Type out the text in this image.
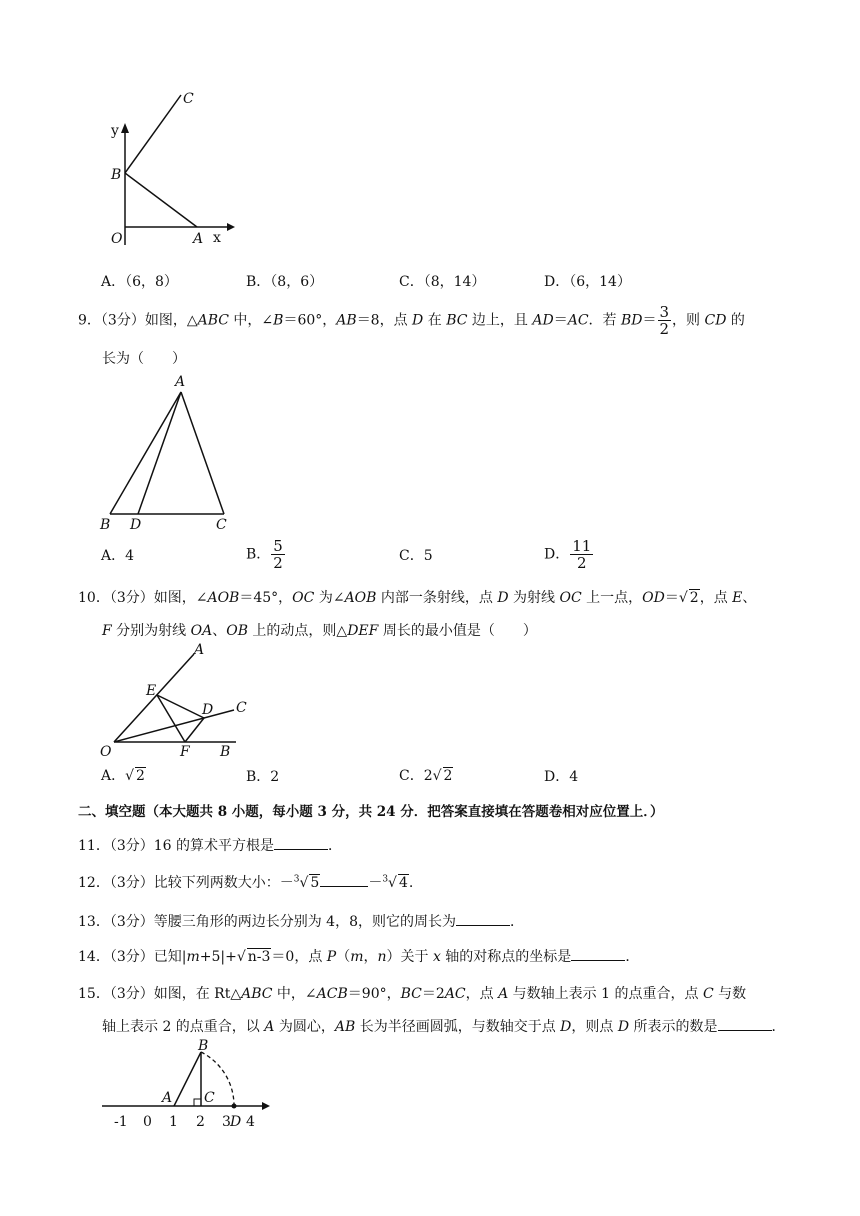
y
x
O	A
B
C
A．（6，8）	B．（8，6）	C．（8，14）	D．（6，14）
9．（3分）如图，△ABC 中，∠B＝60°，AB＝8，点 D 在 BC 边上，且 AD＝AC．若 $BD= \frac{3}{2}$ ，则 CD 的
长为（　　）
A
B D	C
A．4	B． $\frac{5}{2}$	C．5	D． $\frac{11}{2}$
10．（3分）如图，∠AOB＝45°，OC 为∠AOB 内部一条射线，点 D 为射线 OC 上一点，OD＝√ 2，点 E、
F 分别为射线 OA、OB 上的动点，则△DEF 周长的最小值是（　　）
A
E
D C
O	F B
A．√ 2	B．2	C．2√ 2	D．4
二、填空题（本大题共 8 小题，每小题 3 分，共 24 分．把答案直接填在答题卷相对应位置上．）
11．（3分）16 的算术平方根是	．
12．（3分）比较下列两数大小：－$^3$√ 5	－$^3$√ 4.
13．（3分）等腰三角形的两边长分别为 4，8，则它的周长为	．
14．（3分）已知|m+5|+√ n-3＝0，点 P（m，n）关于 x 轴的对称点的坐标是	．
15．（3分）如图，在 Rt△ABC 中，∠ACB＝90°，BC＝2AC，点 A 与数轴上表示 1 的点重合，点 C 与数
轴上表示 2 的点重合，以 A 为圆心，AB 长为半径画圆弧，与数轴交于点 D，则点 D 所表示的数是	．
B
A C
D
-1 0 1 2 3 4
